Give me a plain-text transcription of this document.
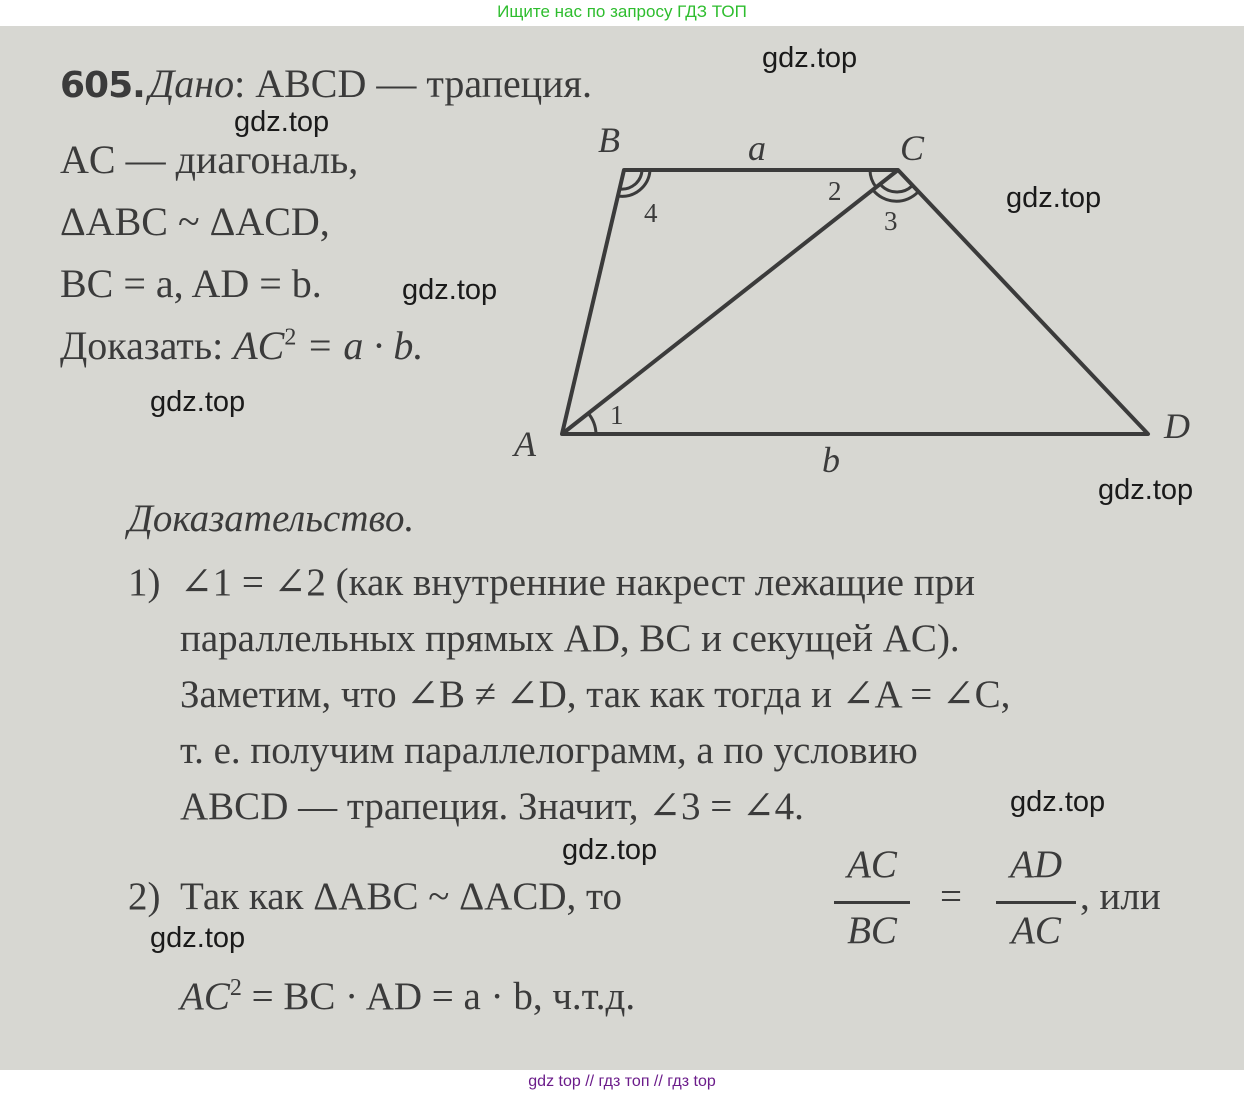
Ищите нас по запросу ГДЗ ТОП
605. Дано: ABCD — трапеция.
AC — диагональ,
ΔABC ~ ΔACD,
BC = a, AD = b.
Доказать: $AC^2 = a \cdot b$.
A
B	C
D
a
b
1
2
3
4
Доказательство.
1) ∠1 = ∠2 (как внутренние накрест лежащие при
параллельных прямых AD, BC и секущей AC).
Заметим, что ∠B ≠ ∠D, так как тогда и ∠A = ∠C,
т. е. получим параллелограмм, а по условию
ABCD — трапеция. Значит, ∠3 = ∠4.
2) Так как ΔABC ~ ΔACD, то
AC
BC
=
AD
AC
, или
$AC^2$ = BC · AD = a · b, ч.т.д.
gdz.top
gdz.top
gdz.top
gdz.top
gdz.top
gdz.top
gdz.top
gdz.top
gdz.top
gdz top // гдз топ // гдз top
